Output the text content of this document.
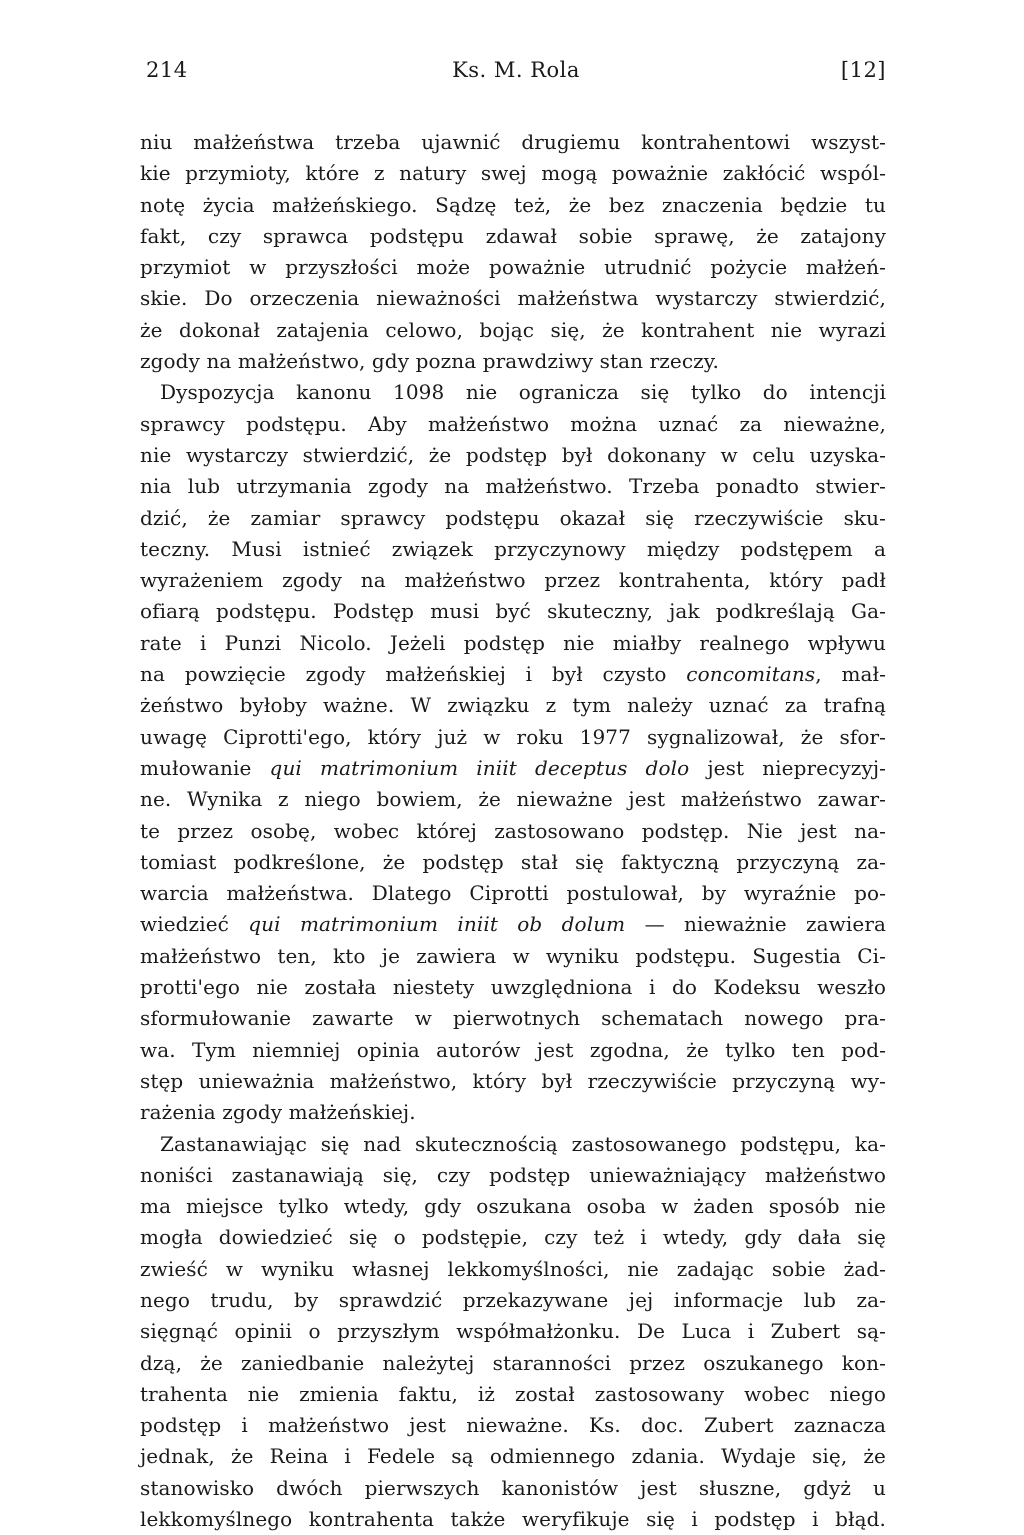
214	Ks. M. Rola	[12]

niu małżeństwa trzeba ujawnić drugiemu kontrahentowi wszyst-
kie przymioty, które z natury swej mogą poważnie zakłócić wspól-
notę życia małżeńskiego. Sądzę też, że bez znaczenia będzie tu
fakt, czy sprawca podstępu zdawał sobie sprawę, że zatajony
przymiot w przyszłości może poważnie utrudnić pożycie małżeń-
skie. Do orzeczenia nieważności małżeństwa wystarczy stwierdzić,
że dokonał zatajenia celowo, bojąc się, że kontrahent nie wyrazi
zgody na małżeństwo, gdy pozna prawdziwy stan rzeczy.

Dyspozycja kanonu 1098 nie ogranicza się tylko do intencji
sprawcy podstępu. Aby małżeństwo można uznać za nieważne,
nie wystarczy stwierdzić, że podstęp był dokonany w celu uzyska-
nia lub utrzymania zgody na małżeństwo. Trzeba ponadto stwier-
dzić, że zamiar sprawcy podstępu okazał się rzeczywiście sku-
teczny. Musi istnieć związek przyczynowy między podstępem a
wyrażeniem zgody na małżeństwo przez kontrahenta, który padł
ofiarą podstępu. Podstęp musi być skuteczny, jak podkreślają Ga-
rate i Punzi Nicolo. Jeżeli podstęp nie miałby realnego wpływu
na powzięcie zgody małżeńskiej i był czysto concomitans, mał-
żeństwo byłoby ważne. W związku z tym należy uznać za trafną
uwagę Ciprotti'ego, który już w roku 1977 sygnalizował, że sfor-
mułowanie qui matrimonium iniit deceptus dolo jest nieprecyzyj-
ne. Wynika z niego bowiem, że nieważne jest małżeństwo zawar-
te przez osobę, wobec której zastosowano podstęp. Nie jest na-
tomiast podkreślone, że podstęp stał się faktyczną przyczyną za-
warcia małżeństwa. Dlatego Ciprotti postulował, by wyraźnie po-
wiedzieć qui matrimonium iniit ob dolum — nieważnie zawiera
małżeństwo ten, kto je zawiera w wyniku podstępu. Sugestia Ci-
protti'ego nie została niestety uwzględniona i do Kodeksu weszło
sformułowanie zawarte w pierwotnych schematach nowego pra-
wa. Tym niemniej opinia autorów jest zgodna, że tylko ten pod-
stęp unieważnia małżeństwo, który był rzeczywiście przyczyną wy-
rażenia zgody małżeńskiej.

Zastanawiając się nad skutecznością zastosowanego podstępu, ka-
noniści zastanawiają się, czy podstęp unieważniający małżeństwo
ma miejsce tylko wtedy, gdy oszukana osoba w żaden sposób nie
mogła dowiedzieć się o podstępie, czy też i wtedy, gdy dała się
zwieść w wyniku własnej lekkomyślności, nie zadając sobie żad-
nego trudu, by sprawdzić przekazywane jej informacje lub za-
sięgnąć opinii o przyszłym współmałżonku. De Luca i Zubert są-
dzą, że zaniedbanie należytej staranności przez oszukanego kon-
trahenta nie zmienia faktu, iż został zastosowany wobec niego
podstęp i małżeństwo jest nieważne. Ks. doc. Zubert zaznacza
jednak, że Reina i Fedele są odmiennego zdania. Wydaje się, że
stanowisko dwóch pierwszych kanonistów jest słuszne, gdyż u
lekkomyślnego kontrahenta także weryfikuje się i podstęp i błąd.
